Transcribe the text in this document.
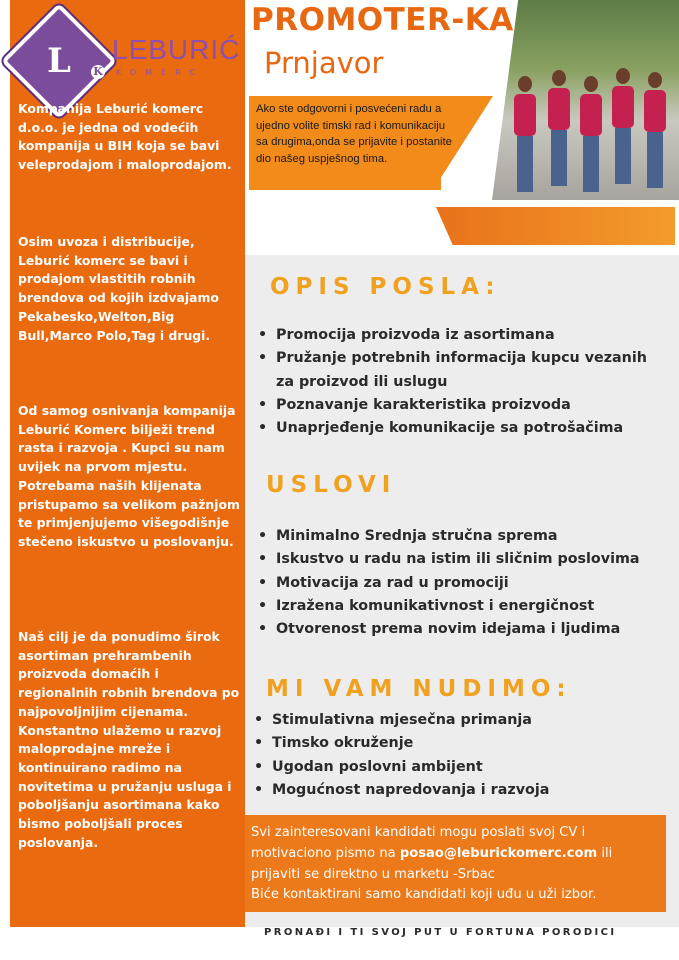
L K
LEBURIĆ
KOMERC
Kompanija Leburić komerc d.o.o. je jedna od vodećih kompanija u BIH koja se bavi veleprodajom i maloprodajom.
Osim uvoza i distribucije, Leburić komerc se bavi i prodajom vlastitih robnih brendova od kojih izdvajamo Pekabesko,Welton,Big Bull,Marco Polo,Tag i drugi.
Od samog osnivanja kompanija Leburić Komerc bilježi trend rasta i razvoja . Kupci su nam uvijek na prvom mjestu. Potrebama naših klijenata pristupamo sa velikom pažnjom te primjenjujemo višegodišnje stečeno iskustvo u poslovanju.
Naš cilj je da ponudimo širok asortiman prehrambenih proizvoda domaćih i regionalnih robnih brendova po najpovoljnijim cijenama. Konstantno ulažemo u razvoj maloprodajne mreže i kontinuirano radimo na novitetima u pružanju usluga i poboljšanju asortimana kako bismo poboljšali proces poslovanja.
PROMOTER-KA
Prnjavor
Ako ste odgovorni i posvećeni radu a ujedno volite timski rad i komunikaciju sa drugima,onda se prijavite i postanite dio našeg uspješnog tima.
OPIS POSLA:
• Promocija proizvoda iz asortimana
• Pružanje potrebnih informacija kupcu vezanih za proizvod ili uslugu
• Poznavanje karakteristika proizvoda
• Unaprjeđenje komunikacije sa potrošačima
USLOVI
• Minimalno Srednja stručna sprema
• Iskustvo u radu na istim ili sličnim poslovima
• Motivacija za rad u promociji
• Izražena komunikativnost i energičnost
• Otvorenost prema novim idejama i ljudima
MI VAM NUDIMO:
• Stimulativna mjesečna primanja
• Timsko okruženje
• Ugodan poslovni ambijent
• Mogućnost napredovanja i razvoja
Svi zainteresovani kandidati mogu poslati svoj CV i motivaciono pismo na posao@leburickomerc.com ili prijaviti se direktno u marketu -Srbac
Biće kontaktirani samo kandidati koji uđu u uži izbor.
PRONAĐI I TI SVOJ PUT U FORTUNA PORODICI
